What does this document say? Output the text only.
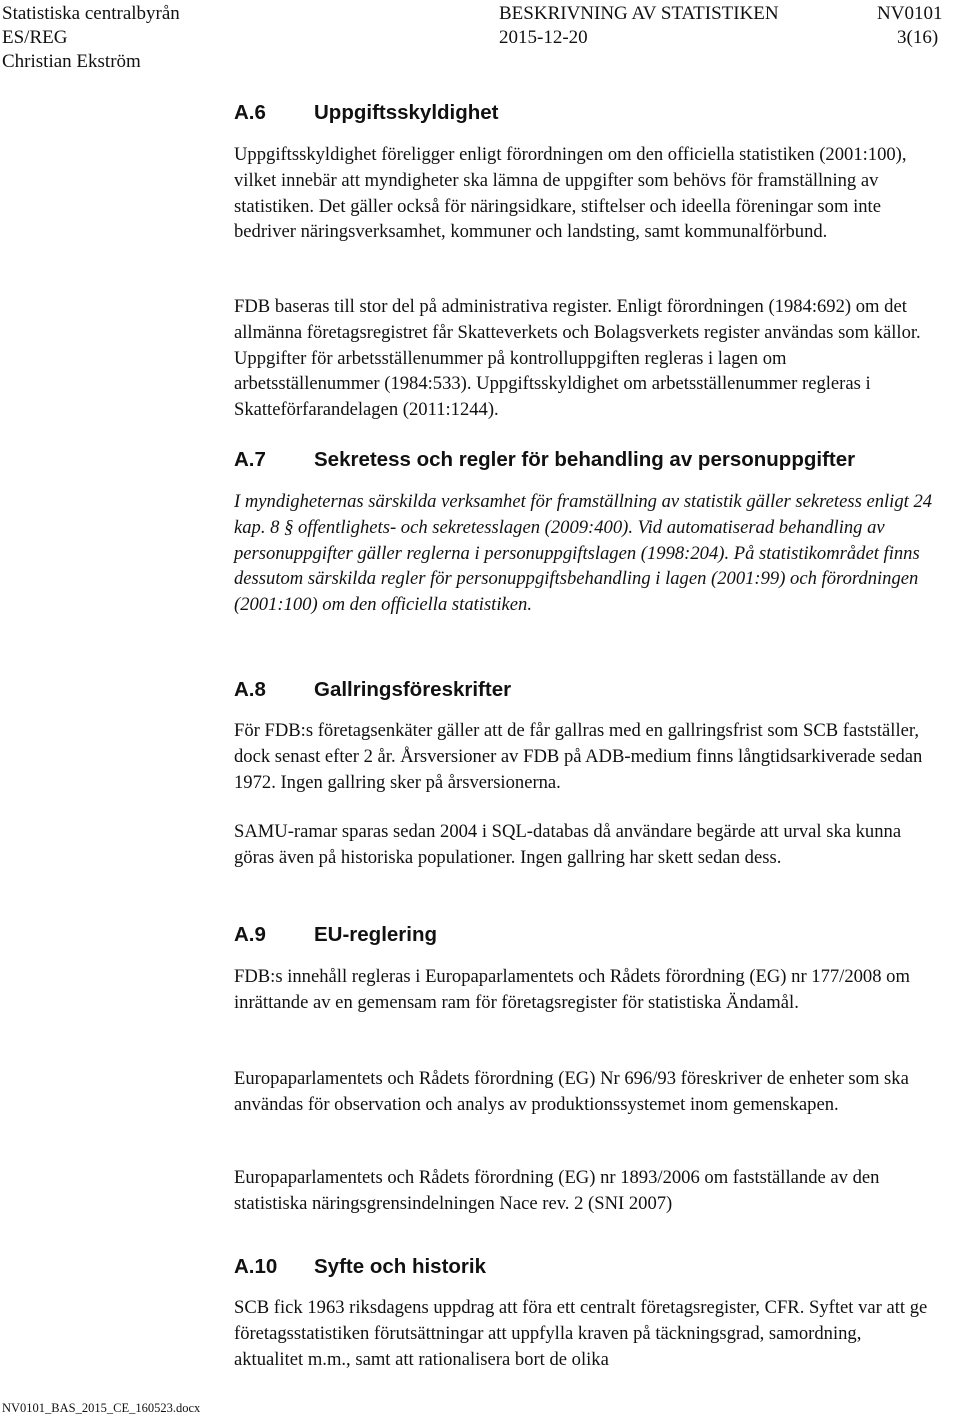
Statistiska centralbyrån
ES/REG
Christian Ekström
BESKRIVNING AV STATISTIKEN
2015-12-20
NV0101
3(16)
A.6 Uppgiftsskyldighet

Uppgiftsskyldighet föreligger enligt förordningen om den officiella statistiken (2001:100), vilket innebär att myndigheter ska lämna de uppgifter som behövs för framställning av statistiken. Det gäller också för näringsidkare, stiftelser och ideella föreningar som inte bedriver näringsverksamhet, kommuner och landsting, samt kommunalförbund.

FDB baseras till stor del på administrativa register. Enligt förordningen (1984:692) om det allmänna företagsregistret får Skatteverkets och Bolagsverkets register användas som källor. Uppgifter för arbetsställenummer på kontrolluppgiften regleras i lagen om arbetsställenummer (1984:533). Uppgiftsskyldighet om arbetsställenummer regleras i Skatteförfarandelagen (2011:1244).

A.7 Sekretess och regler för behandling av personuppgifter

I myndigheternas särskilda verksamhet för framställning av statistik gäller sekretess enligt 24 kap. 8 § offentlighets- och sekretesslagen (2009:400). Vid automatiserad behandling av personuppgifter gäller reglerna i personuppgiftslagen (1998:204). På statistikområdet finns dessutom särskilda regler för personuppgiftsbehandling i lagen (2001:99) och förordningen (2001:100) om den officiella statistiken.

A.8 Gallringsföreskrifter

För FDB:s företagsenkäter gäller att de får gallras med en gallringsfrist som SCB fastställer, dock senast efter 2 år. Årsversioner av FDB på ADB-medium finns långtidsarkiverade sedan 1972. Ingen gallring sker på årsversionerna.

SAMU-ramar sparas sedan 2004 i SQL-databas då användare begärde att urval ska kunna göras även på historiska populationer. Ingen gallring har skett sedan dess.

A.9 EU-reglering

FDB:s innehåll regleras i Europaparlamentets och Rådets förordning (EG) nr 177/2008 om inrättande av en gemensam ram för företagsregister för statistiska Ändamål.

Europaparlamentets och Rådets förordning (EG) Nr 696/93 föreskriver de enheter som ska användas för observation och analys av produktionssystemet inom gemenskapen.

Europaparlamentets och Rådets förordning (EG) nr 1893/2006 om fastställande av den statistiska näringsgrensindelningen Nace rev. 2 (SNI 2007)

A.10 Syfte och historik

SCB fick 1963 riksdagens uppdrag att föra ett centralt företagsregister, CFR. Syftet var att ge företagsstatistiken förutsättningar att uppfylla kraven på täckningsgrad, samordning, aktualitet m.m., samt att rationalisera bort de olika

NV0101_BAS_2015_CE_160523.docx
